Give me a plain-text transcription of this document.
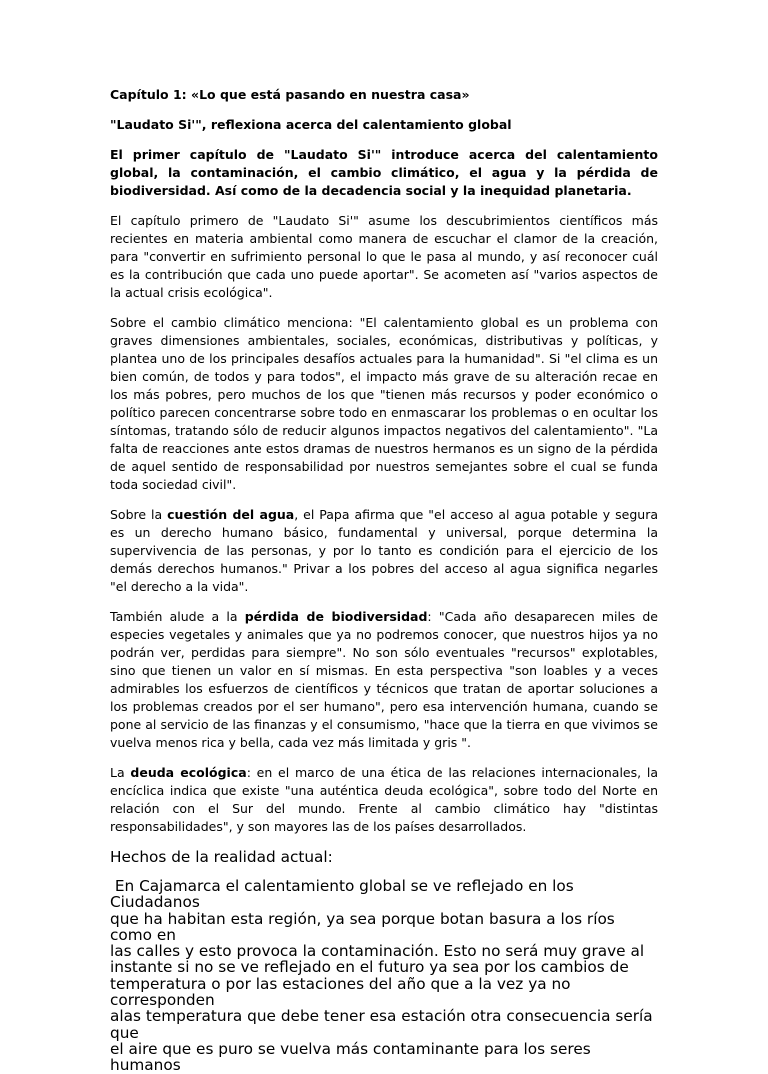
Capítulo 1: «Lo que está pasando en nuestra casa»

"Laudato Si'", reflexiona acerca del calentamiento global

El primer capítulo de "Laudato Si'" introduce acerca del calentamiento global, la contaminación, el cambio climático, el agua y la pérdida de biodiversidad. Así como de la decadencia social y la inequidad planetaria.

El capítulo primero de "Laudato Si'" asume los descubrimientos científicos más recientes en materia ambiental como manera de escuchar el clamor de la creación, para "convertir en sufrimiento personal lo que le pasa al mundo, y así reconocer cuál es la contribución que cada uno puede aportar". Se acometen así "varios aspectos de la actual crisis ecológica".

Sobre el cambio climático menciona: "El calentamiento global es un problema con graves dimensiones ambientales, sociales, económicas, distributivas y políticas, y plantea uno de los principales desafíos actuales para la humanidad". Si "el clima es un bien común, de todos y para todos", el impacto más grave de su alteración recae en los más pobres, pero muchos de los que "tienen más recursos y poder económico o político parecen concentrarse sobre todo en enmascarar los problemas o en ocultar los síntomas, tratando sólo de reducir algunos impactos negativos del calentamiento". "La falta de reacciones ante estos dramas de nuestros hermanos es un signo de la pérdida de aquel sentido de responsabilidad por nuestros semejantes sobre el cual se funda toda sociedad civil".

Sobre la cuestión del agua, el Papa afirma que "el acceso al agua potable y segura es un derecho humano básico, fundamental y universal, porque determina la supervivencia de las personas, y por lo tanto es condición para el ejercicio de los demás derechos humanos." Privar a los pobres del acceso al agua significa negarles "el derecho a la vida".

También alude a la pérdida de biodiversidad: "Cada año desaparecen miles de especies vegetales y animales que ya no podremos conocer, que nuestros hijos ya no podrán ver, perdidas para siempre". No son sólo eventuales "recursos" explotables, sino que tienen un valor en sí mismas. En esta perspectiva "son loables y a veces admirables los esfuerzos de científicos y técnicos que tratan de aportar soluciones a los problemas creados por el ser humano", pero esa intervención humana, cuando se pone al servicio de las finanzas y el consumismo, "hace que la tierra en que vivimos se vuelva menos rica y bella, cada vez más limitada y gris ".

La deuda ecológica: en el marco de una ética de las relaciones internacionales, la encíclica indica que existe "una auténtica deuda ecológica", sobre todo del Norte en relación con el Sur del mundo. Frente al cambio climático hay "distintas responsabilidades", y son mayores las de los países desarrollados.

Hechos de la realidad actual:

En Cajamarca el calentamiento global se ve reflejado en los Ciudadanos
que ha habitan esta región, ya sea porque botan basura a los ríos como en
las calles y esto provoca la contaminación. Esto no será muy grave al
instante si no se ve reflejado en el futuro ya sea por los cambios de
temperatura o por las estaciones del año que a la vez ya no corresponden
alas temperatura que debe tener esa estación otra consecuencia sería que
el aire que es puro se vuelva más contaminante para los seres humanos
